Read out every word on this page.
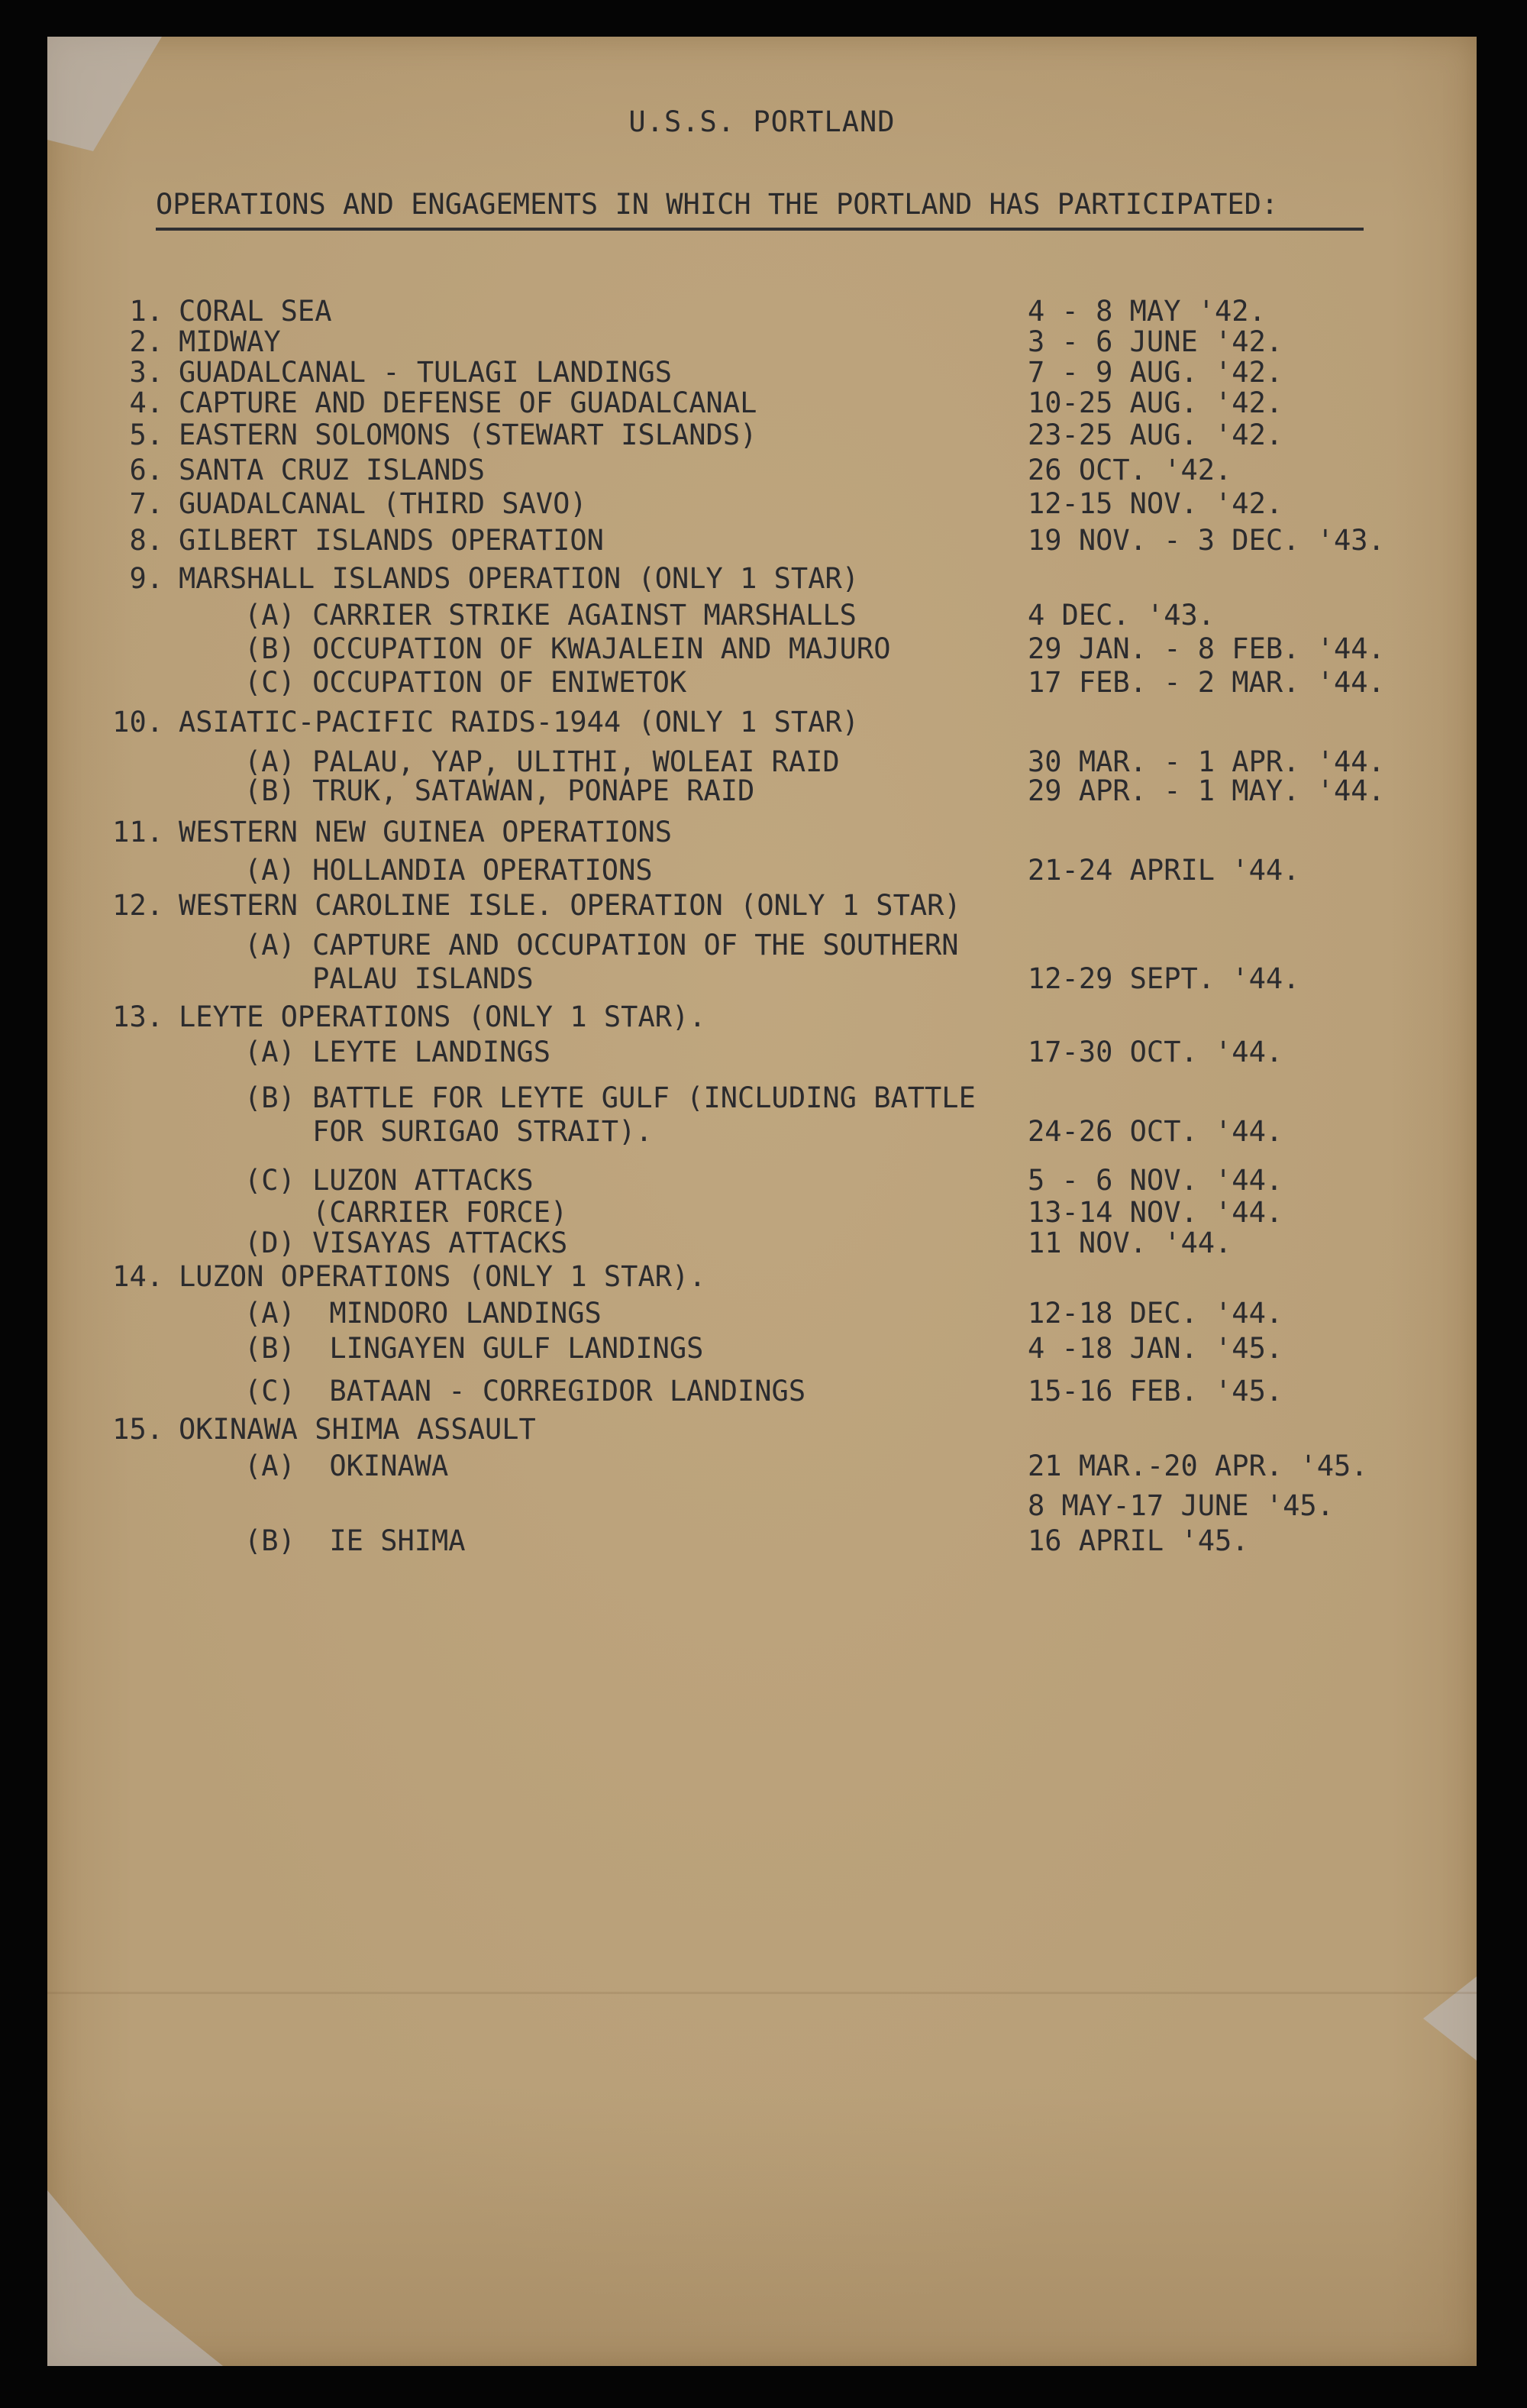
U.S.S. PORTLAND
OPERATIONS AND ENGAGEMENTS IN WHICH THE PORTLAND HAS PARTICIPATED:
1. CORAL SEA	4 - 8 MAY '42.
2. MIDWAY	3 - 6 JUNE '42.
3. GUADALCANAL - TULAGI LANDINGS	7 - 9 AUG. '42.
4. CAPTURE AND DEFENSE OF GUADALCANAL	10-25 AUG. '42.
5. EASTERN SOLOMONS (STEWART ISLANDS)	23-25 AUG. '42.
6. SANTA CRUZ ISLANDS	26 OCT. '42.
7. GUADALCANAL (THIRD SAVO)	12-15 NOV. '42.
8. GILBERT ISLANDS OPERATION	19 NOV. - 3 DEC. '43.
9. MARSHALL ISLANDS OPERATION (ONLY 1 STAR)
(A) CARRIER STRIKE AGAINST MARSHALLS	4 DEC. '43.
(B) OCCUPATION OF KWAJALEIN AND MAJURO	29 JAN. - 8 FEB. '44.
(C) OCCUPATION OF ENIWETOK	17 FEB. - 2 MAR. '44.
10. ASIATIC-PACIFIC RAIDS-1944 (ONLY 1 STAR)
(A) PALAU, YAP, ULITHI, WOLEAI RAID	30 MAR. - 1 APR. '44.
(B) TRUK, SATAWAN, PONAPE RAID	29 APR. - 1 MAY. '44.
11. WESTERN NEW GUINEA OPERATIONS
(A) HOLLANDIA OPERATIONS	21-24 APRIL '44.
12. WESTERN CAROLINE ISLE. OPERATION (ONLY 1 STAR)
(A) CAPTURE AND OCCUPATION OF THE SOUTHERN
PALAU ISLANDS	12-29 SEPT. '44.
13. LEYTE OPERATIONS (ONLY 1 STAR).
(A) LEYTE LANDINGS	17-30 OCT. '44.
(B) BATTLE FOR LEYTE GULF (INCLUDING BATTLE
FOR SURIGAO STRAIT).	24-26 OCT. '44.
(C) LUZON ATTACKS	5 - 6 NOV. '44.
(CARRIER FORCE)	13-14 NOV. '44.
(D) VISAYAS ATTACKS	11 NOV. '44.
14. LUZON OPERATIONS (ONLY 1 STAR).
(A)  MINDORO LANDINGS	12-18 DEC. '44.
(B)  LINGAYEN GULF LANDINGS	4 -18 JAN. '45.
(C)  BATAAN - CORREGIDOR LANDINGS	15-16 FEB. '45.
15. OKINAWA SHIMA ASSAULT
(A)  OKINAWA	21 MAR.-20 APR. '45.
8 MAY-17 JUNE '45.
(B)  IE SHIMA	16 APRIL '45.
